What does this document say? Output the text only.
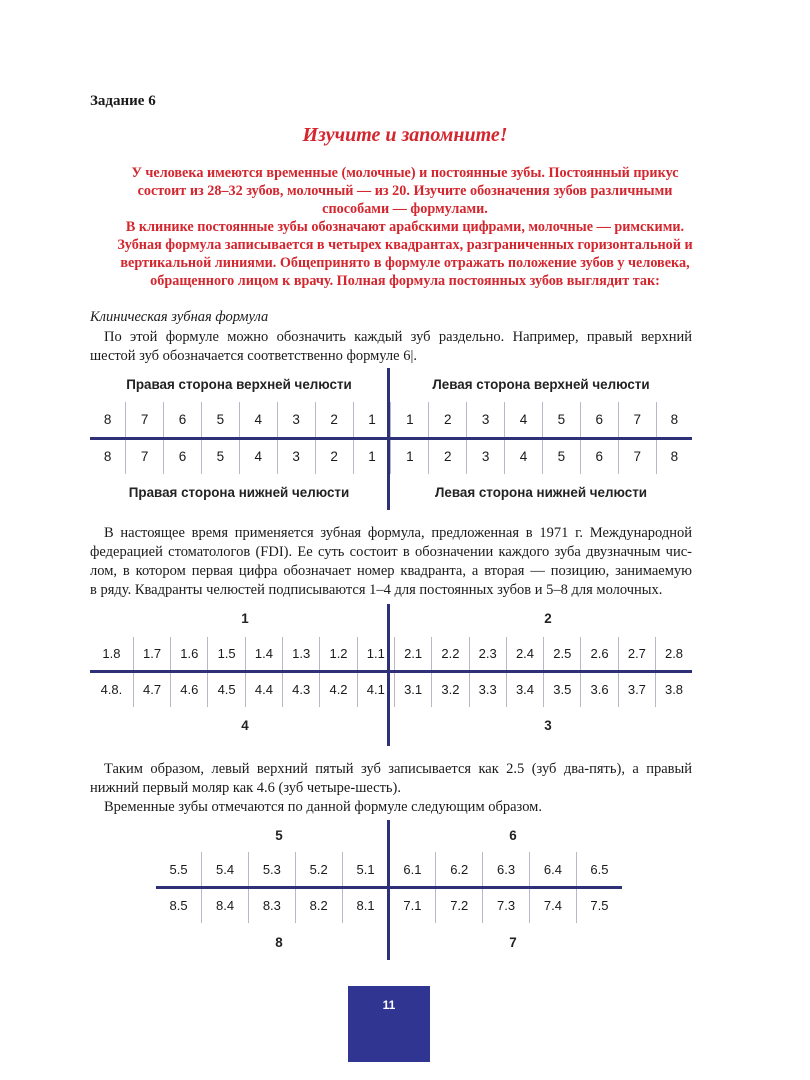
Задание 6
Изучите и запомните!
У человека имеются временные (молочные) и постоянные зубы. Постоянный прикус
состоит из 28–32 зубов, молочный — из 20. Изучите обозначения зубов различными
способами — формулами.
В клинике постоянные зубы обозначают арабскими цифрами, молочные — римскими.
Зубная формула записывается в четырех квадрантах, разграниченных горизонтальной и
вертикальной линиями. Общепринято в формуле отражать положение зубов у человека,
обращенного лицом к врачу. Полная формула постоянных зубов выглядит так:
Клиническая зубная формула
По этой формуле можно обозначить каждый зуб раздельно. Например, правый верхний
шестой зуб обозначается соответственно формуле 6|.
Правая сторона верхней челюсти	Левая сторона верхней челюсти
8	7	6	5	4	3	2	1	1	2	3	4	5	6	7	8
8	7	6	5	4	3	2	1	1	2	3	4	5	6	7	8
Правая сторона нижней челюсти	Левая сторона нижней челюсти
В настоящее время применяется зубная формула, предложенная в 1971 г. Международной
федерацией стоматологов (FDI). Ее суть состоит в обозначении каждого зуба двузначным чис-
лом, в котором первая цифра обозначает номер квадранта, а вторая — позицию, занимаемую
в ряду. Квадранты челюстей подписываются 1–4 для постоянных зубов и 5–8 для молочных.
1	2
1.8	1.7	1.6	1.5	1.4	1.3	1.2	1.1	2.1	2.2	2.3	2.4	2.5	2.6	2.7	2.8
4.8.	4.7	4.6	4.5	4.4	4.3	4.2	4.1	3.1	3.2	3.3	3.4	3.5	3.6	3.7	3.8
4	3
Таким образом, левый верхний пятый зуб записывается как 2.5 (зуб два-пять), а правый
нижний первый моляр как 4.6 (зуб четыре-шесть).
Временные зубы отмечаются по данной формуле следующим образом.
5	6
5.5	5.4	5.3	5.2	5.1	6.1	6.2	6.3	6.4	6.5
8.5	8.4	8.3	8.2	8.1	7.1	7.2	7.3	7.4	7.5
8	7
11
